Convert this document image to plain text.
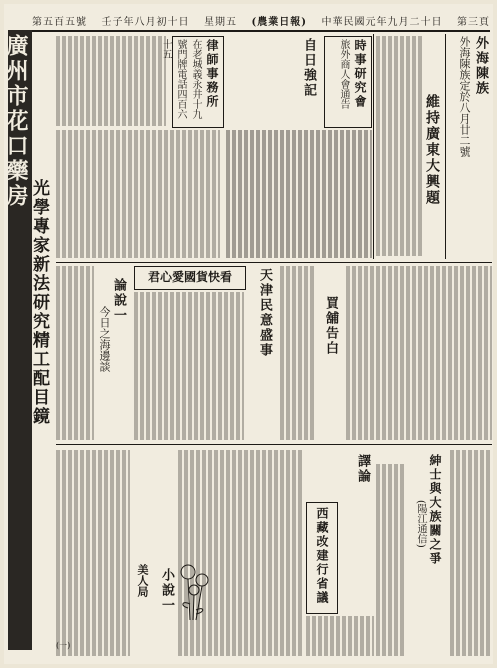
第五百五號 壬子年八月初十日 星期五 (農業日報) 中華民國元年九月二十日 第三頁
廣州市花口藥房
光學專家新法研究精工配目鏡
外海陳族
外海陳族定於八月廿二號
維持廣東大興題
時事研究會
旅外商人會通告
自日強記
律師事務所
在老城義永井十九號門牌電話四百六
天津民意盛事	買舖告白
君心愛國貨快看
論說一
今日之海邊談
紳士與大族關之爭
(陽江通信)
譯論
西藏改建行省議
小說一
美人局
(一)
